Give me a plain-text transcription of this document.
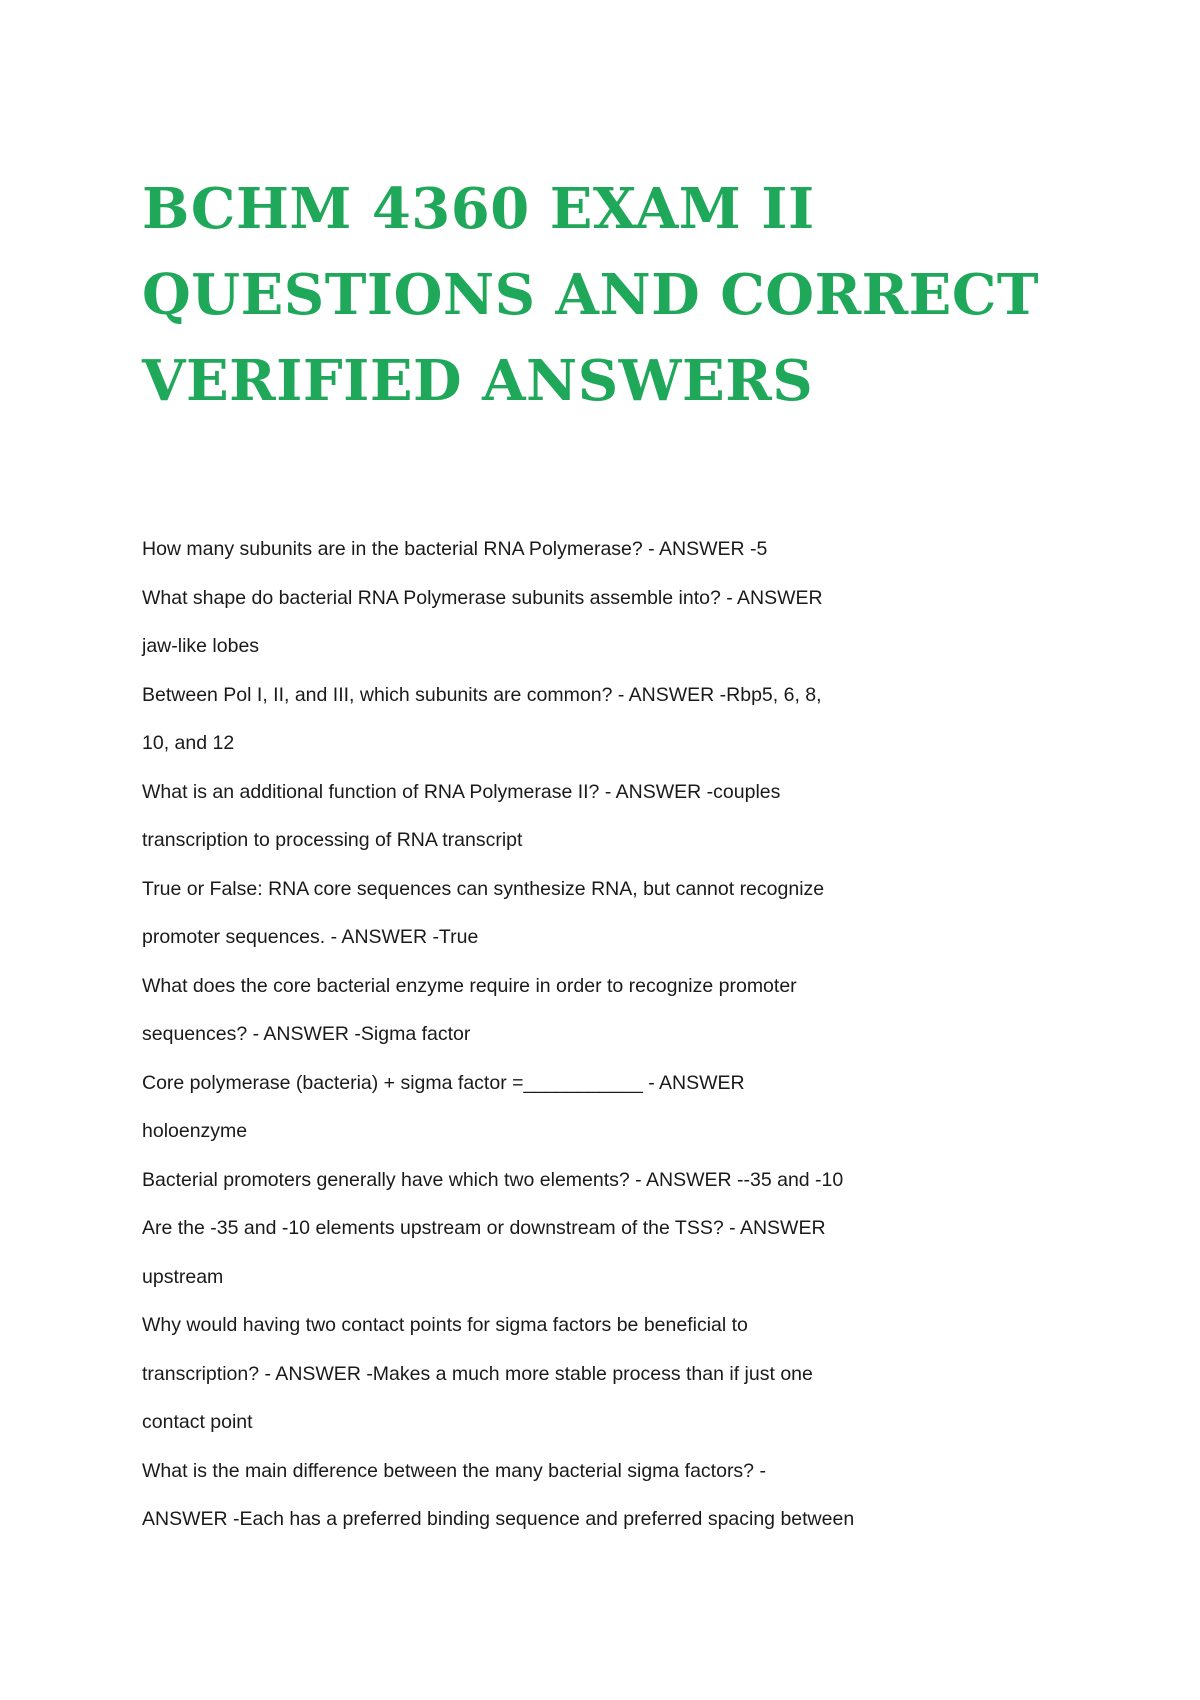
BCHM 4360 EXAM II QUESTIONS AND CORRECT VERIFIED ANSWERS
How many subunits are in the bacterial RNA Polymerase? - ANSWER -5
What shape do bacterial RNA Polymerase subunits assemble into? - ANSWER
jaw-like lobes
Between Pol I, II, and III, which subunits are common? - ANSWER -Rbp5, 6, 8,
10, and 12
What is an additional function of RNA Polymerase II? - ANSWER -couples
transcription to processing of RNA transcript
True or False: RNA core sequences can synthesize RNA, but cannot recognize
promoter sequences. - ANSWER -True
What does the core bacterial enzyme require in order to recognize promoter
sequences? - ANSWER -Sigma factor
Core polymerase (bacteria) + sigma factor =___________ - ANSWER
holoenzyme
Bacterial promoters generally have which two elements? - ANSWER --35 and -10
Are the -35 and -10 elements upstream or downstream of the TSS? - ANSWER
upstream
Why would having two contact points for sigma factors be beneficial to
transcription? - ANSWER -Makes a much more stable process than if just one
contact point
What is the main difference between the many bacterial sigma factors? -
ANSWER -Each has a preferred binding sequence and preferred spacing between
